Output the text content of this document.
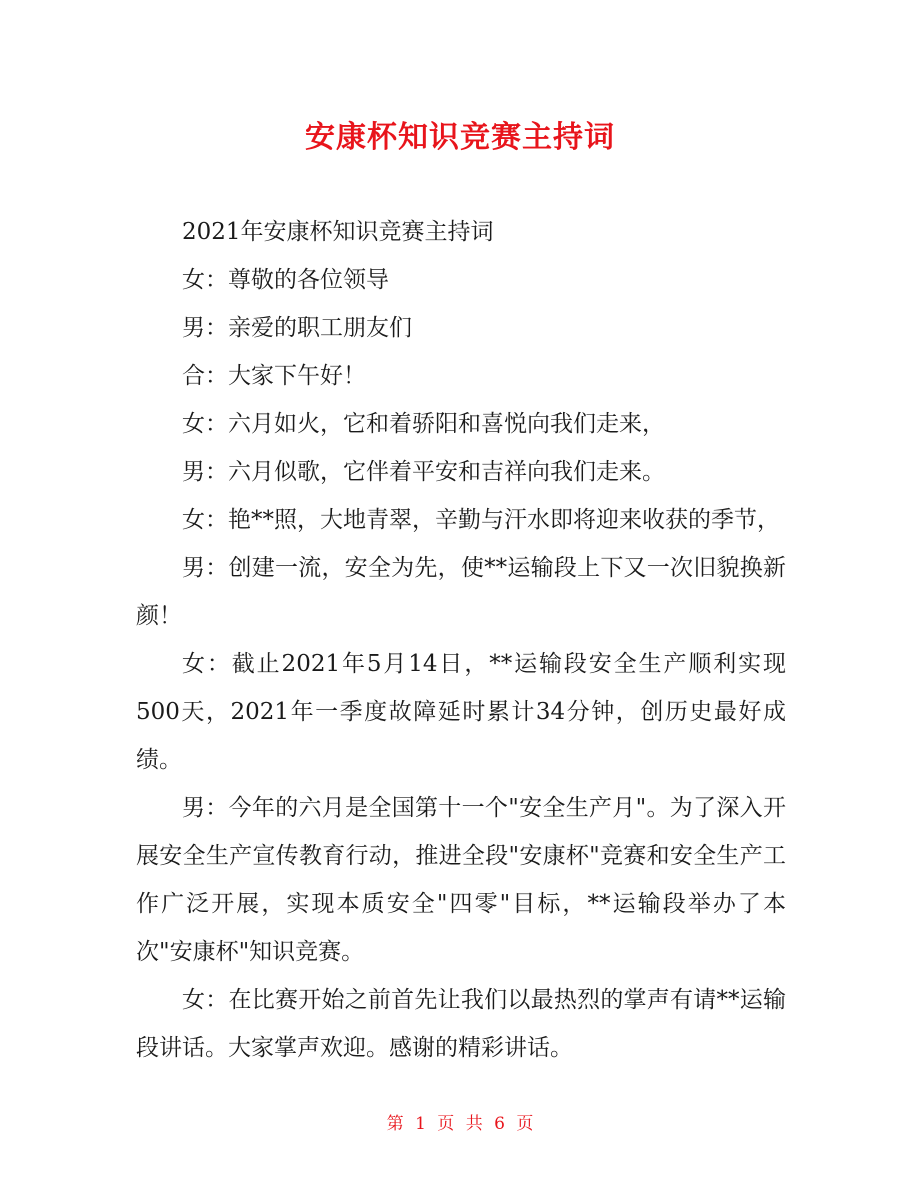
安康杯知识竞赛主持词

2021年安康杯知识竞赛主持词

女：尊敬的各位领导

男：亲爱的职工朋友们

合：大家下午好！

女：六月如火，它和着骄阳和喜悦向我们走来，

男：六月似歌，它伴着平安和吉祥向我们走来。

女：艳**照，大地青翠，辛勤与汗水即将迎来收获的季节，

男：创建一流，安全为先，使**运输段上下又一次旧貌换新颜！

女：截止2021年5月14日，**运输段安全生产顺利实现500天，2021年一季度故障延时累计34分钟，创历史最好成绩。

男：今年的六月是全国第十一个"安全生产月"。为了深入开展安全生产宣传教育行动，推进全段"安康杯"竞赛和安全生产工作广泛开展，实现本质安全"四零"目标，**运输段举办了本次"安康杯"知识竞赛。

女：在比赛开始之前首先让我们以最热烈的掌声有请**运输段讲话。大家掌声欢迎。感谢的精彩讲话。

第 1 页 共 6 页
